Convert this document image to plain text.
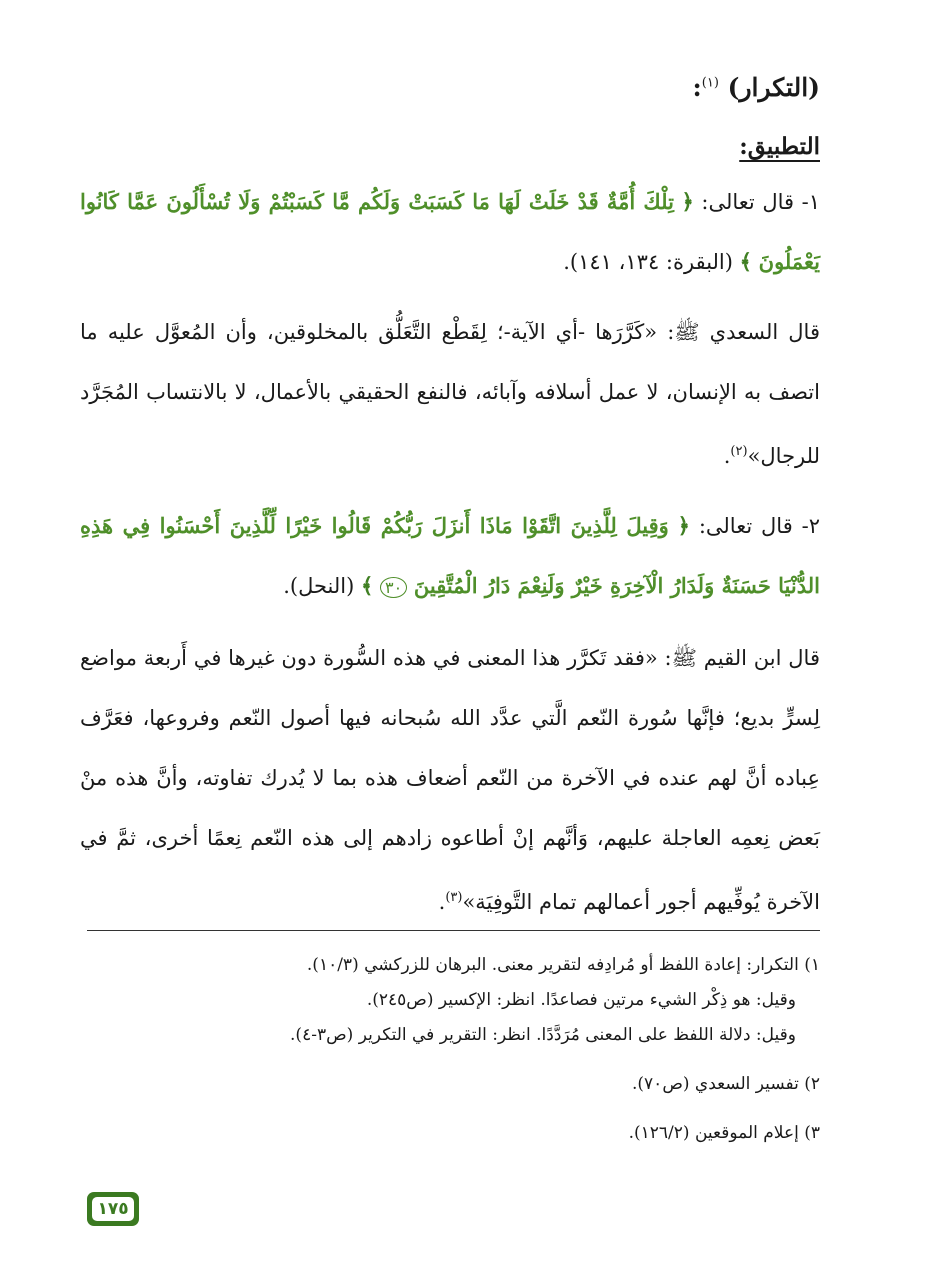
(التكرار) $^{(١)}$:

التطبيق:

١- قال تعالى: ﴿ تِلْكَ أُمَّةٌ قَدْ خَلَتْ لَهَا مَا كَسَبَتْ وَلَكُم مَّا كَسَبْتُمْ وَلَا تُسْأَلُونَ عَمَّا كَانُوا يَعْمَلُونَ ﴾ (البقرة: ١٣٤، ١٤١).

قال السعدي ﷺ: «كَرَّرَها -أي الآية-؛ لِقَطْع التَّعَلُّق بالمخلوقين، وأن المُعوَّل عليه ما اتصف به الإنسان، لا عمل أسلافه وآبائه، فالنفع الحقيقي بالأعمال، لا بالانتساب المُجَرَّد للرجال»$^{(٢)}$.

٢- قال تعالى: ﴿ وَقِيلَ لِلَّذِينَ اتَّقَوْا مَاذَا أَنزَلَ رَبُّكُمْ قَالُوا خَيْرًا لِّلَّذِينَ أَحْسَنُوا فِي هَذِهِ الدُّنْيَا حَسَنَةٌ وَلَدَارُ الْآخِرَةِ خَيْرٌ وَلَنِعْمَ دَارُ الْمُتَّقِينَ ٣٠ ﴾ (النحل).

قال ابن القيم ﷺ: «فقد تَكرَّر هذا المعنى في هذه السُّورة دون غيرها في أَربعة مواضع لِسرٍّ بديع؛ فإنَّها سُورة النّعم الَّتي عدَّد الله سُبحانه فيها أصول النّعم وفروعها، فعَرَّف عِباده أنَّ لهم عنده في الآخرة من النّعم أضعاف هذه بما لا يُدرك تفاوته، وأنَّ هذه منْ بَعض نِعمِه العاجلة عليهم، وَأنَّهم إنْ أطاعوه زادهم إلى هذه النّعم نِعمًا أخرى، ثمَّ في الآخرة يُوفِّيهم أجور أعمالهم تمام التَّوفِيَة»$^{(٣)}$.

١) التكرار: إعادة اللفظ أو مُرادِفه لتقرير معنى. البرهان للزركشي (١٠/٣).

وقيل: هو ذِكْر الشيء مرتين فصاعدًا. انظر: الإكسير (ص٢٤٥).

وقيل: دلالة اللفظ على المعنى مُرَدَّدًا. انظر: التقرير في التكرير (ص٣-٤).

٢) تفسير السعدي (ص٧٠).

٣) إعلام الموقعين (١٢٦/٢).

١٧٥
